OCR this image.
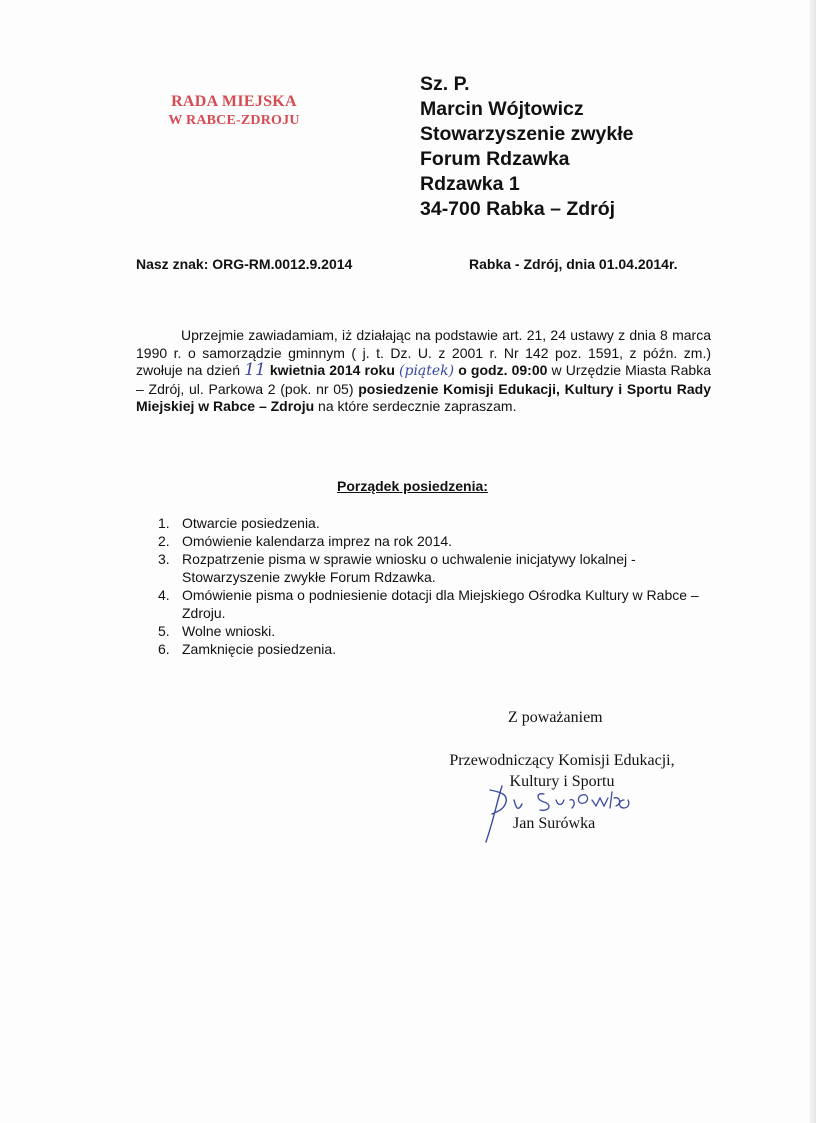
RADA MIEJSKA
W RABCE-ZDROJU
Sz. P.
Marcin Wójtowicz
Stowarzyszenie zwykłe
Forum Rdzawka
Rdzawka 1
34-700 Rabka – Zdrój
Nasz znak: ORG-RM.0012.9.2014	Rabka - Zdrój, dnia 01.04.2014r.
Uprzejmie zawiadamiam, iż działając na podstawie art. 21, 24 ustawy z dnia 8 marca 1990 r. o samorządzie gminnym ( j. t. Dz. U. z 2001 r. Nr 142 poz. 1591, z późn. zm.) zwołuje na dzień 11 kwietnia 2014 roku (piątek) o godz. 09:00 w Urzędzie Miasta Rabka – Zdrój, ul. Parkowa 2 (pok. nr 05) posiedzenie Komisji Edukacji, Kultury i Sportu Rady Miejskiej w Rabce – Zdroju na które serdecznie zapraszam.
Porządek posiedzenia:
1. Otwarcie posiedzenia.
2. Omówienie kalendarza imprez na rok 2014.
3. Rozpatrzenie pisma w sprawie wniosku o uchwalenie inicjatywy lokalnej - Stowarzyszenie zwykłe Forum Rdzawka.
4. Omówienie pisma o podniesienie dotacji dla Miejskiego Ośrodka Kultury w Rabce – Zdroju.
5. Wolne wnioski.
6. Zamknięcie posiedzenia.
Z poważaniem
Przewodniczący Komisji Edukacji,
Kultury i Sportu
Jan Surówka
